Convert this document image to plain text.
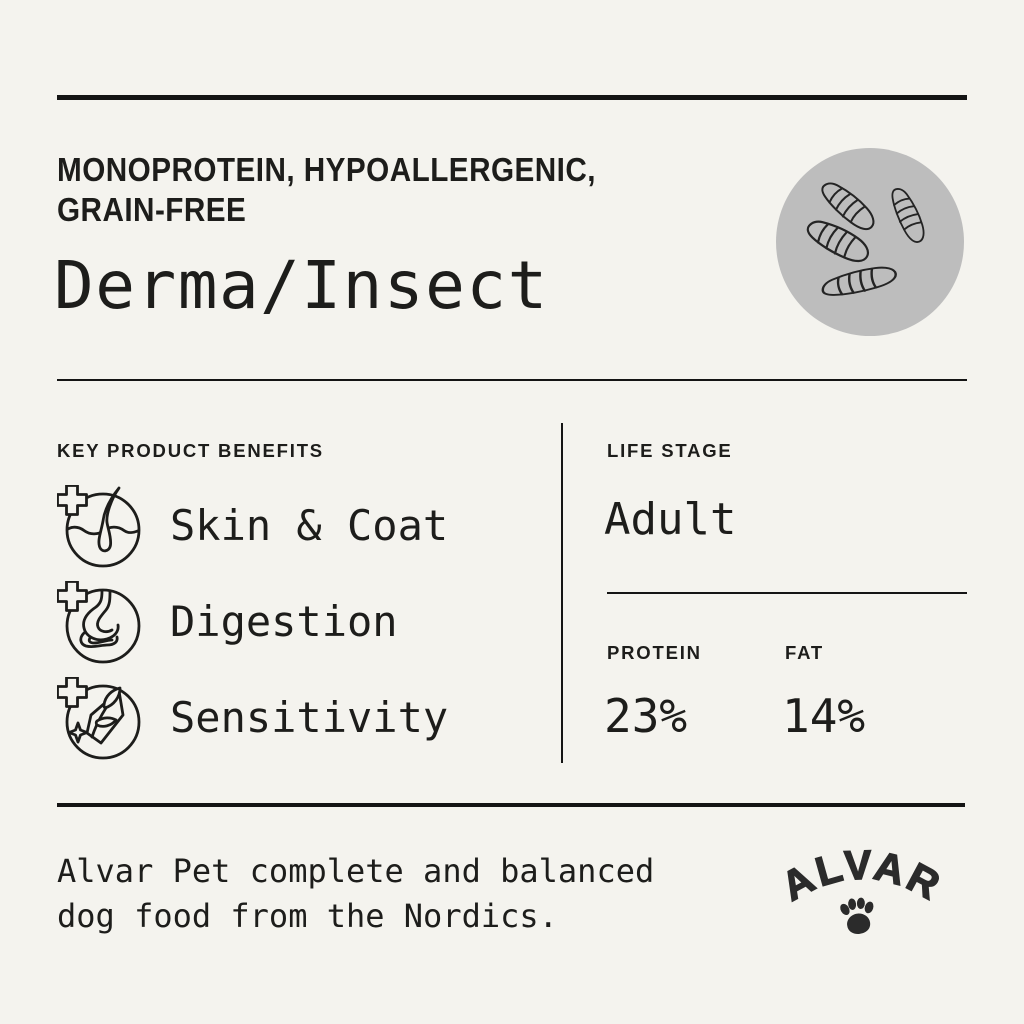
MONOPROTEIN, HYPOALLERGENIC,
GRAIN-FREE
Derma/Insect
KEY PRODUCT BENEFITS
Skin & Coat
Digestion
Sensitivity
LIFE STAGE
Adult
PROTEIN
23%
FAT
14%
Alvar Pet complete and balanced
dog food from the Nordics.
ALVAR
